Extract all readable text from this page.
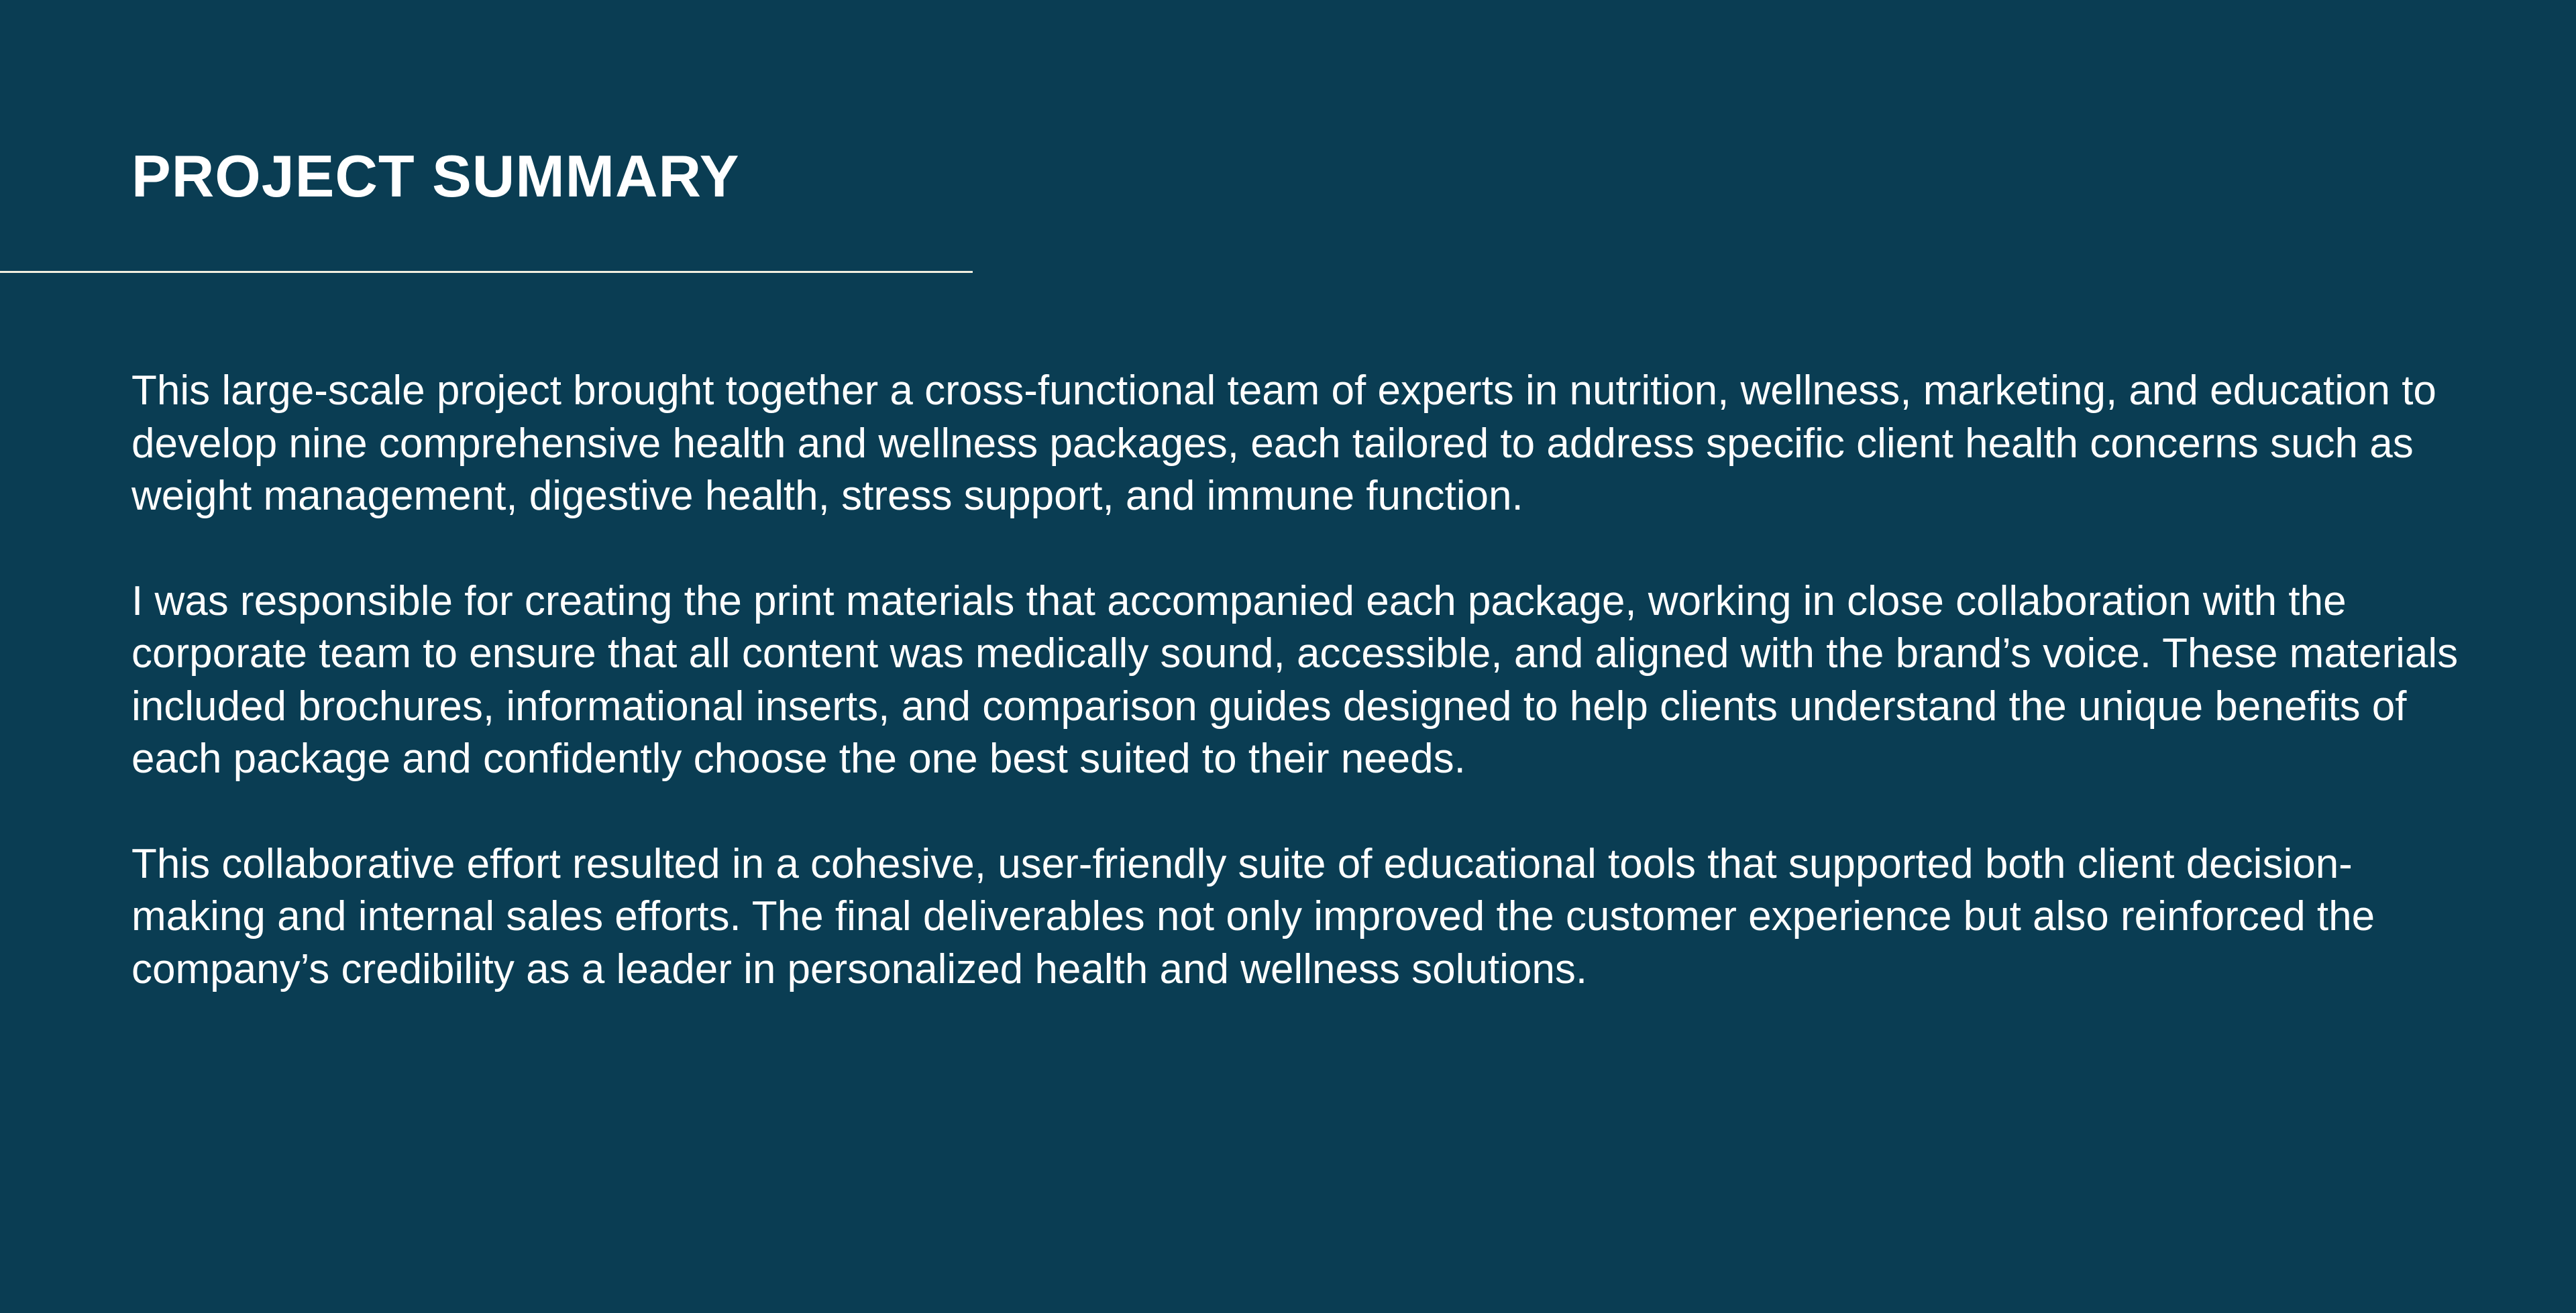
PROJECT SUMMARY

This large-scale project brought together a cross-functional team of experts in nutrition, wellness, marketing, and education to develop nine comprehensive health and wellness packages, each tailored to address specific client health concerns such as weight management, digestive health, stress support, and immune function.

I was responsible for creating the print materials that accompanied each package, working in close collaboration with the corporate team to ensure that all content was medically sound, accessible, and aligned with the brand’s voice. These materials included brochures, informational inserts, and comparison guides designed to help clients understand the unique benefits of each package and confidently choose the one best suited to their needs.

This collaborative effort resulted in a cohesive, user-friendly suite of educational tools that supported both client decision-making and internal sales efforts. The final deliverables not only improved the customer experience but also reinforced the company’s credibility as a leader in personalized health and wellness solutions.
